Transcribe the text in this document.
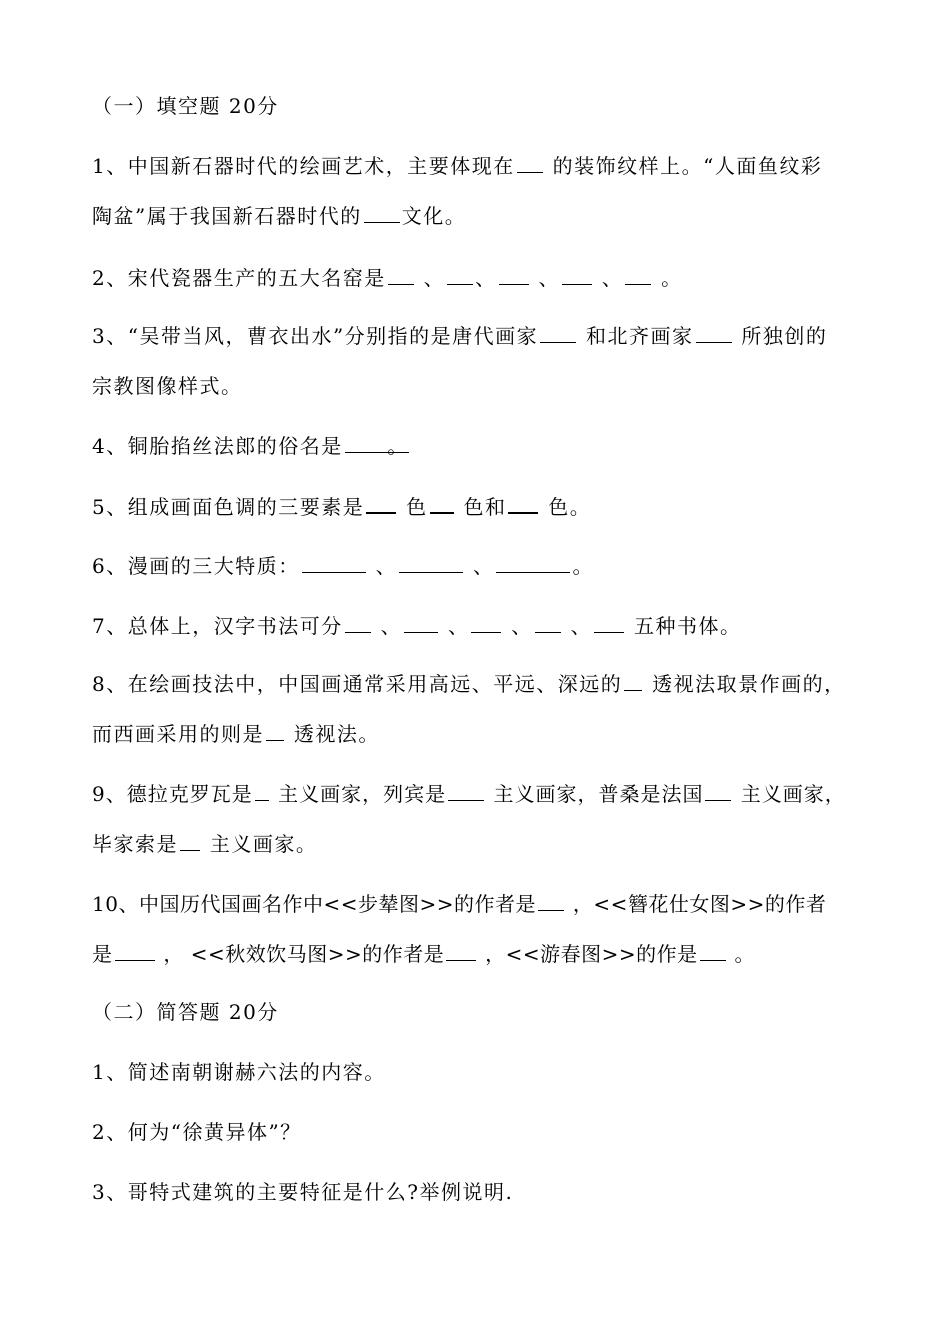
（一）填空题 20分
1、中国新石器时代的绘画艺术，主要体现在 的装饰纹样上。“人面鱼纹彩
陶盆”属于我国新石器时代的 文化。
2、宋代瓷器生产的五大名窑是 、 、 、 、 。
3、“吴带当风，曹衣出水”分别指的是唐代画家 和北齐画家 所独创的
宗教图像样式。
4、铜胎掐丝法郎的俗名是。
5、组成画面色调的三要素是 色 色和 色。
6、漫画的三大特质：	、	、	。
7、总体上，汉字书法可分 、 、 、 、 五种书体。
8、在绘画技法中，中国画通常采用高远、平远、深远的 透视法取景作画的，
而西画采用的则是 透视法。
9、德拉克罗瓦是 主义画家，列宾是 主义画家，普桑是法国 主义画家，
毕家索是 主义画家。
10、中国历代国画名作中<<步辇图>>的作者是 ，<<簪花仕女图>>的作者
是 ， <<秋效饮马图>>的作者是 ，<<游春图>>的作是 。
（二）简答题 20分
1、简述南朝谢赫六法的内容。
2、何为“徐黄异体”？
3、哥特式建筑的主要特征是什么?举例说明.
